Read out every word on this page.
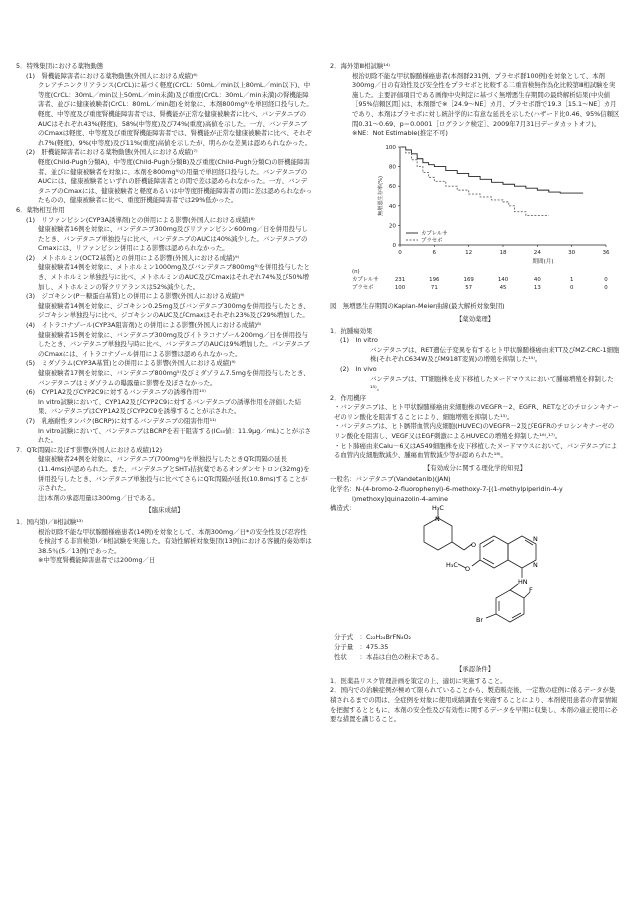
5．特殊集団における薬物動態

(1)　腎機能障害者における薬物動態(外国人における成績)⁶⁾

クレアチニンクリアランス(CrCL)に基づく軽度(CrCL：50mL／min以上80mL／min以下)、中等度(CrCL：30mL／min以上50mL／min未満)及び重度(CrCL：30mL／min未満)の腎機能障害者、並びに健康被験者(CrCL：80mL／min超)を対象に、本剤800mg⁵⁾を単回経口投与した。軽度、中等度及び重度腎機能障害者では、腎機能が正常な健康被験者に比べ、バンデタニブのAUCはそれぞれ43%(軽度)、58%(中等度)及び74%(重度)高値を示した。一方、バンデタニブのCmaxは軽度、中等度及び重度腎機能障害者では、腎機能が正常な健康被験者に比べ、それぞれ7%(軽度)、9%(中等度)及び11%(重度)高値を示したが、明らかな差異は認められなかった。

(2)　肝機能障害者における薬物動態(外国人における成績)⁷⁾

軽度(Child-Pugh分類A)、中等度(Child-Pugh分類B)及び重度(Child-Pugh分類C)の肝機能障害者、並びに健康被験者を対象に、本剤を800mg⁵⁾の用量で単回経口投与した。バンデタニブのAUCには、健康被験者といずれの肝機能障害者との間で差は認められなかった。一方、バンデタニブのCmaxには、健康被験者と軽度あるいは中等度肝機能障害者の間に差は認められなかったものの、健康被験者に比べ、重度肝機能障害者では29%低かった。

6．薬物相互作用

(1)　リファンピシン(CYP3A誘導剤)との併用による影響(外国人における成績)⁸⁾

健康被験者16例を対象に、バンデタニブ300mg及びリファンピシン600mg／日を併用投与したとき、バンデタニブ単独投与に比べ、バンデタニブのAUCは40%減少した。バンデタニブのCmaxには、リファンピシン併用による影響は認められなかった。

(2)　メトホルミン(OCT2基質)との併用による影響(外国人における成績)⁹⁾

健康被験者14例を対象に、メトホルミン1000mg及びバンデタニブ800mg⁵⁾を併用投与したとき、メトホルミン単独投与に比べ、メトホルミンのAUC及びCmaxはそれぞれ74%及び50%増加し、メトホルミンの腎クリアランスは52%減少した。

(3)　ジゴキシン(P－糖蛋白基質)との併用による影響(外国人における成績)⁹⁾

健康被験者14例を対象に、ジゴキシン0.25mg及びバンデタニブ300mgを併用投与したとき、ジゴキシン単独投与に比べ、ジゴキシンのAUC及びCmaxはそれぞれ23%及び29%増加した。

(4)　イトラコナゾール(CYP3A阻害剤)との併用による影響(外国人における成績)⁸⁾

健康被験者15例を対象に、バンデタニブ300mg及びイトラコナゾール200mg／日を併用投与したとき、バンデタニブ単独投与時に比べ、バンデタニブのAUCは9%増加した。バンデタニブのCmaxには、イトラコナゾール併用による影響は認められなかった。

(5)　ミダゾラム(CYP3A基質)との併用による影響(外国人における成績)⁹⁾

健康被験者17例を対象に、バンデタニブ800mg⁵⁾及びミダゾラム7.5mgを併用投与したとき、バンデタニブはミダゾラムの曝露量に影響を及ぼさなかった。

(6)　CYP1A2及びCYP2C9に対するバンデタニブの誘導作用¹⁰⁾

In vitro試験において、CYP1A2及びCYP2C9に対するバンデタニブの誘導作用を評価した結果、バンデタニブはCYP1A2及びCYP2C9を誘導することが示された。

(7)　乳癌耐性タンパク(BCRP)に対するバンデタニブの阻害作用¹¹⁾

In vitro試験において、バンデタニブはBCRPを若干阻害する(IC₅₀値：11.9μg／mL)ことが示された。

7．QTc間隔に及ぼす影響(外国人における成績)12)

健康被験者24例を対象に、バンデタニブ(700mg⁵⁾)を単独投与したときQTc間隔の延長(11.4ms)が認められた。また、バンデタニブとSHT₃拮抗薬であるオンダンセトロン(32mg)を併用投与したとき、バンデタニブ単独投与に比べてさらにQTc間隔が延長(10.8ms)することが示された。

注)本剤の承認用量は300mg／日である。

【臨床成績】

1．国内第Ⅰ／Ⅱ相試験¹³⁾

根治切除不能な甲状腺髄様癌患者(14例)を対象として、本剤300mg／日*の安全性及び忍容性を検討する非盲検第Ⅰ／Ⅱ相試験を実施した。有効性解析対象集団(13例)における客観的奏効率は38.5％(5／13例)であった。

※中等度腎機能障害患者では200mg／日

2．海外第Ⅲ相試験¹⁴⁾

根治切除不能な甲状腺髄様癌患者(本剤群231例、プラセボ群100例)を対象として、本剤300mg／日の有効性及び安全性をプラセボと比較する二重盲検無作為化比較第Ⅲ相試験を実施した。主要評価項目である画像中央判定に基づく無増悪生存期間の最終解析結果(中央値［95%信頼区間］)は、本剤群で※［24.9〜NE］カ月、プラセボ群で19.3［15.1〜NE］カ月であり、本剤はプラセボに対し統計学的に有意な延長を示した(ハザード比0.46、95%信頼区間0.31〜0.69、p＝0.0001［ログランク検定］、2009年7月31日データカットオフ)。

※NE：Not Estimable(推定不可)

0
20
40
60
80
100
0	6	12	18	24	30	36
期間(月)
無増悪生存率(%)
カプレルサ
プラセボ
(n)
カプレルサ	231	196	169	140	40	1	0
プラセボ	100	71	57	45	13	0	0

図　無増悪生存期間のKaplan-Meier曲線(最大解析対象集団)

【薬効薬理】

1．抗腫瘍効果

(1)　In vitro

バンデタニブは、RET遺伝子変異を有するヒト甲状腺髄様癌由来TT及びMZ-CRC-1細胞株(それぞれC634W及びM918T変異)の増殖を抑制した¹⁵⁾。

(2)　In vivo

バンデタニブは、TT細胞株を皮下移植したヌードマウスにおいて腫瘍増殖を抑制した¹⁵⁾。

2．作用機序

・バンデタニブは、ヒト甲状腺髄様癌由来細胞株のVEGFR－2、EGFR、RETなどのチロシンキナーゼのリン酸化を阻害することにより、細胞増殖を抑制した¹⁵⁾。

・バンデタニブは、ヒト臍帯血管内皮細胞(HUVEC)のVEGFR－2及びEGFRのチロシンキナーゼのリン酸化を阻害し、VEGF又はEGF刺激によるHUVECの増殖を抑制した¹⁶⁾,¹⁷⁾。

・ヒト肺癌由来Calu－6又はA549細胞株を皮下移植したヌードマウスにおいて、バンデタニブによる血管内皮細胞数減少、腫瘍血管数減少等が認められた¹⁸⁾。

【有効成分に関する理化学的知見】

一般名：バンデタニブ(Vandetanib)(JAN)

化学名：N-(4-bromo-2-fluorophenyl)-6-methoxy-7-[(1-methylpiperidin-4-y

l)methoxy]quinazolin-4-amine

構造式：	H₃C
N
O
O
H₃C
N
N
HN
Br
F
分子式　：C₂₂H₂₄BrFN₄O₂
分子量　：475.35
性状　　：本品は白色の粉末である。

【承認条件】

1．医薬品リスク管理計画を策定の上、適切に実施すること。

2．国内での治験症例が極めて限られていることから、製造販売後、一定数の症例に係るデータが集積されるまでの間は、全症例を対象に使用成績調査を実施することにより、本剤使用患者の背景情報を把握するとともに、本剤の安全性及び有効性に関するデータを早期に収集し、本剤の適正使用に必要な措置を講じること。
